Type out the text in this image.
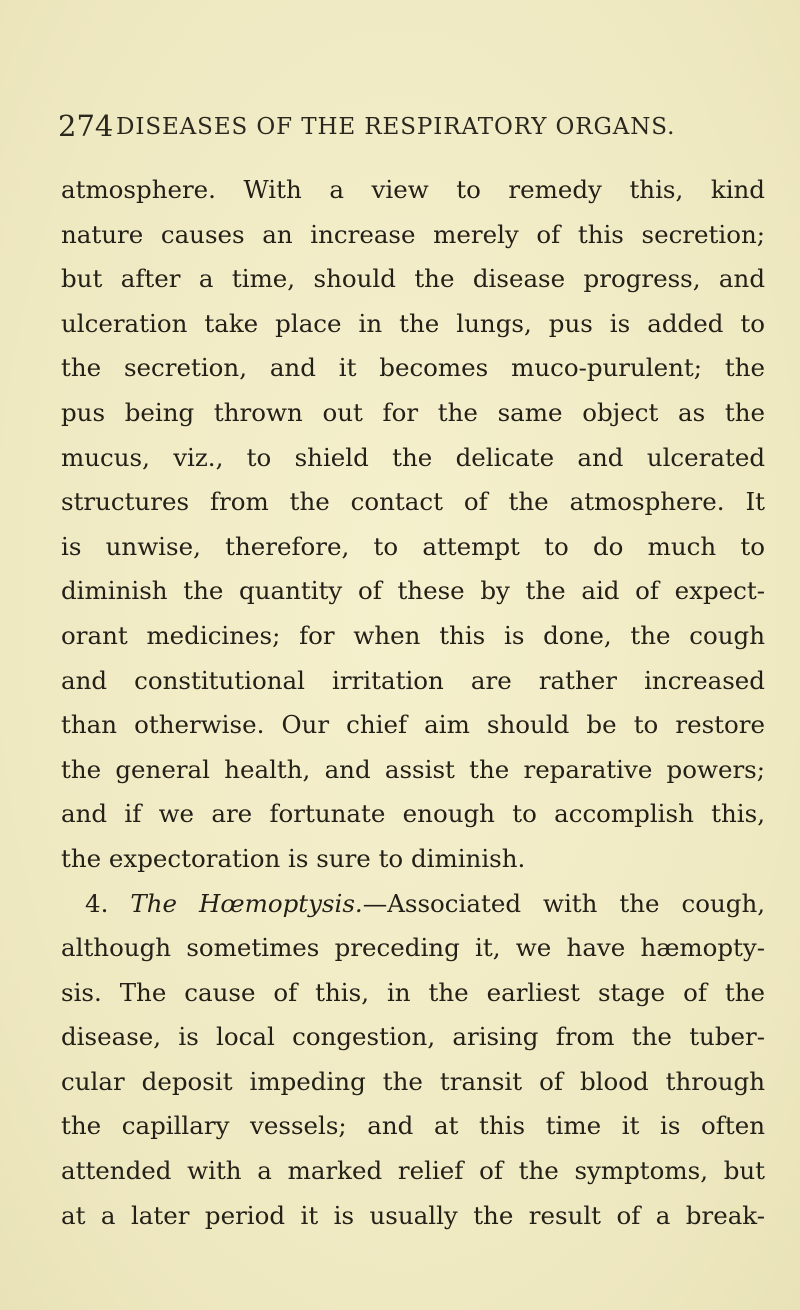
274 DISEASES OF THE RESPIRATORY ORGANS.
atmosphere. With a view to remedy this, kind
nature causes an increase merely of this secretion;
but after a time, should the disease progress, and
ulceration take place in the lungs, pus is added to
the secretion, and it becomes muco-purulent; the
pus being thrown out for the same object as the
mucus, viz., to shield the delicate and ulcerated
structures from the contact of the atmosphere. It
is unwise, therefore, to attempt to do much to
diminish the quantity of these by the aid of expect-
orant medicines; for when this is done, the cough
and constitutional irritation are rather increased
than otherwise. Our chief aim should be to restore
the general health, and assist the reparative powers;
and if we are fortunate enough to accomplish this,
the expectoration is sure to diminish.
4. The Hœmoptysis.—Associated with the cough,
although sometimes preceding it, we have hæmopty-
sis. The cause of this, in the earliest stage of the
disease, is local congestion, arising from the tuber-
cular deposit impeding the transit of blood through
the capillary vessels; and at this time it is often
attended with a marked relief of the symptoms, but
at a later period it is usually the result of a break-
